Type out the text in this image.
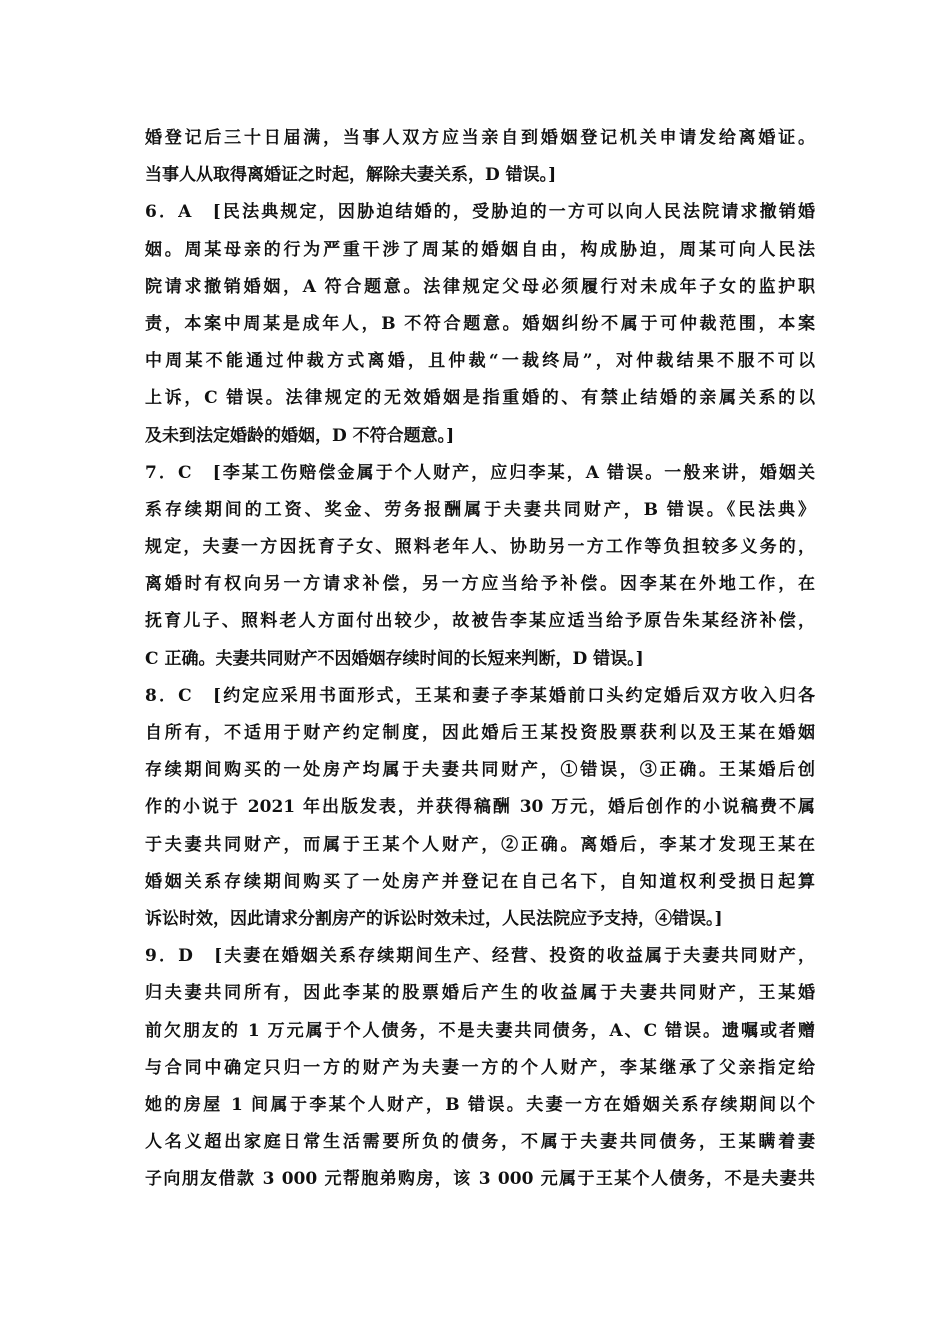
婚登记后三十日届满，当事人双方应当亲自到婚姻登记机关申请发给离婚证。
当事人从取得离婚证之时起，解除夫妻关系，D 错误。]
6．A　[民法典规定，因胁迫结婚的，受胁迫的一方可以向人民法院请求撤销婚
姻。周某母亲的行为严重干涉了周某的婚姻自由，构成胁迫，周某可向人民法
院请求撤销婚姻，A 符合题意。法律规定父母必须履行对未成年子女的监护职
责，本案中周某是成年人，B 不符合题意。婚姻纠纷不属于可仲裁范围，本案
中周某不能通过仲裁方式离婚，且仲裁“一裁终局”，对仲裁结果不服不可以
上诉，C 错误。法律规定的无效婚姻是指重婚的、有禁止结婚的亲属关系的以
及未到法定婚龄的婚姻，D 不符合题意。]
7．C　[李某工伤赔偿金属于个人财产，应归李某，A 错误。一般来讲，婚姻关
系存续期间的工资、奖金、劳务报酬属于夫妻共同财产，B 错误。《民法典》
规定，夫妻一方因抚育子女、照料老年人、协助另一方工作等负担较多义务的，
离婚时有权向另一方请求补偿，另一方应当给予补偿。因李某在外地工作，在
抚育儿子、照料老人方面付出较少，故被告李某应适当给予原告朱某经济补偿，
C 正确。夫妻共同财产不因婚姻存续时间的长短来判断，D 错误。]
8．C　[约定应采用书面形式，王某和妻子李某婚前口头约定婚后双方收入归各
自所有，不适用于财产约定制度，因此婚后王某投资股票获利以及王某在婚姻
存续期间购买的一处房产均属于夫妻共同财产，①错误，③正确。王某婚后创
作的小说于 2021 年出版发表，并获得稿酬 30 万元，婚后创作的小说稿费不属
于夫妻共同财产，而属于王某个人财产，②正确。离婚后，李某才发现王某在
婚姻关系存续期间购买了一处房产并登记在自己名下，自知道权利受损日起算
诉讼时效，因此请求分割房产的诉讼时效未过，人民法院应予支持，④错误。]
9．D　[夫妻在婚姻关系存续期间生产、经营、投资的收益属于夫妻共同财产，
归夫妻共同所有，因此李某的股票婚后产生的收益属于夫妻共同财产，王某婚
前欠朋友的 1 万元属于个人债务，不是夫妻共同债务，A、C 错误。遗嘱或者赠
与合同中确定只归一方的财产为夫妻一方的个人财产，李某继承了父亲指定给
她的房屋 1 间属于李某个人财产，B 错误。夫妻一方在婚姻关系存续期间以个
人名义超出家庭日常生活需要所负的债务，不属于夫妻共同债务，王某瞒着妻
子向朋友借款 3 000 元帮胞弟购房，该 3 000 元属于王某个人债务，不是夫妻共
